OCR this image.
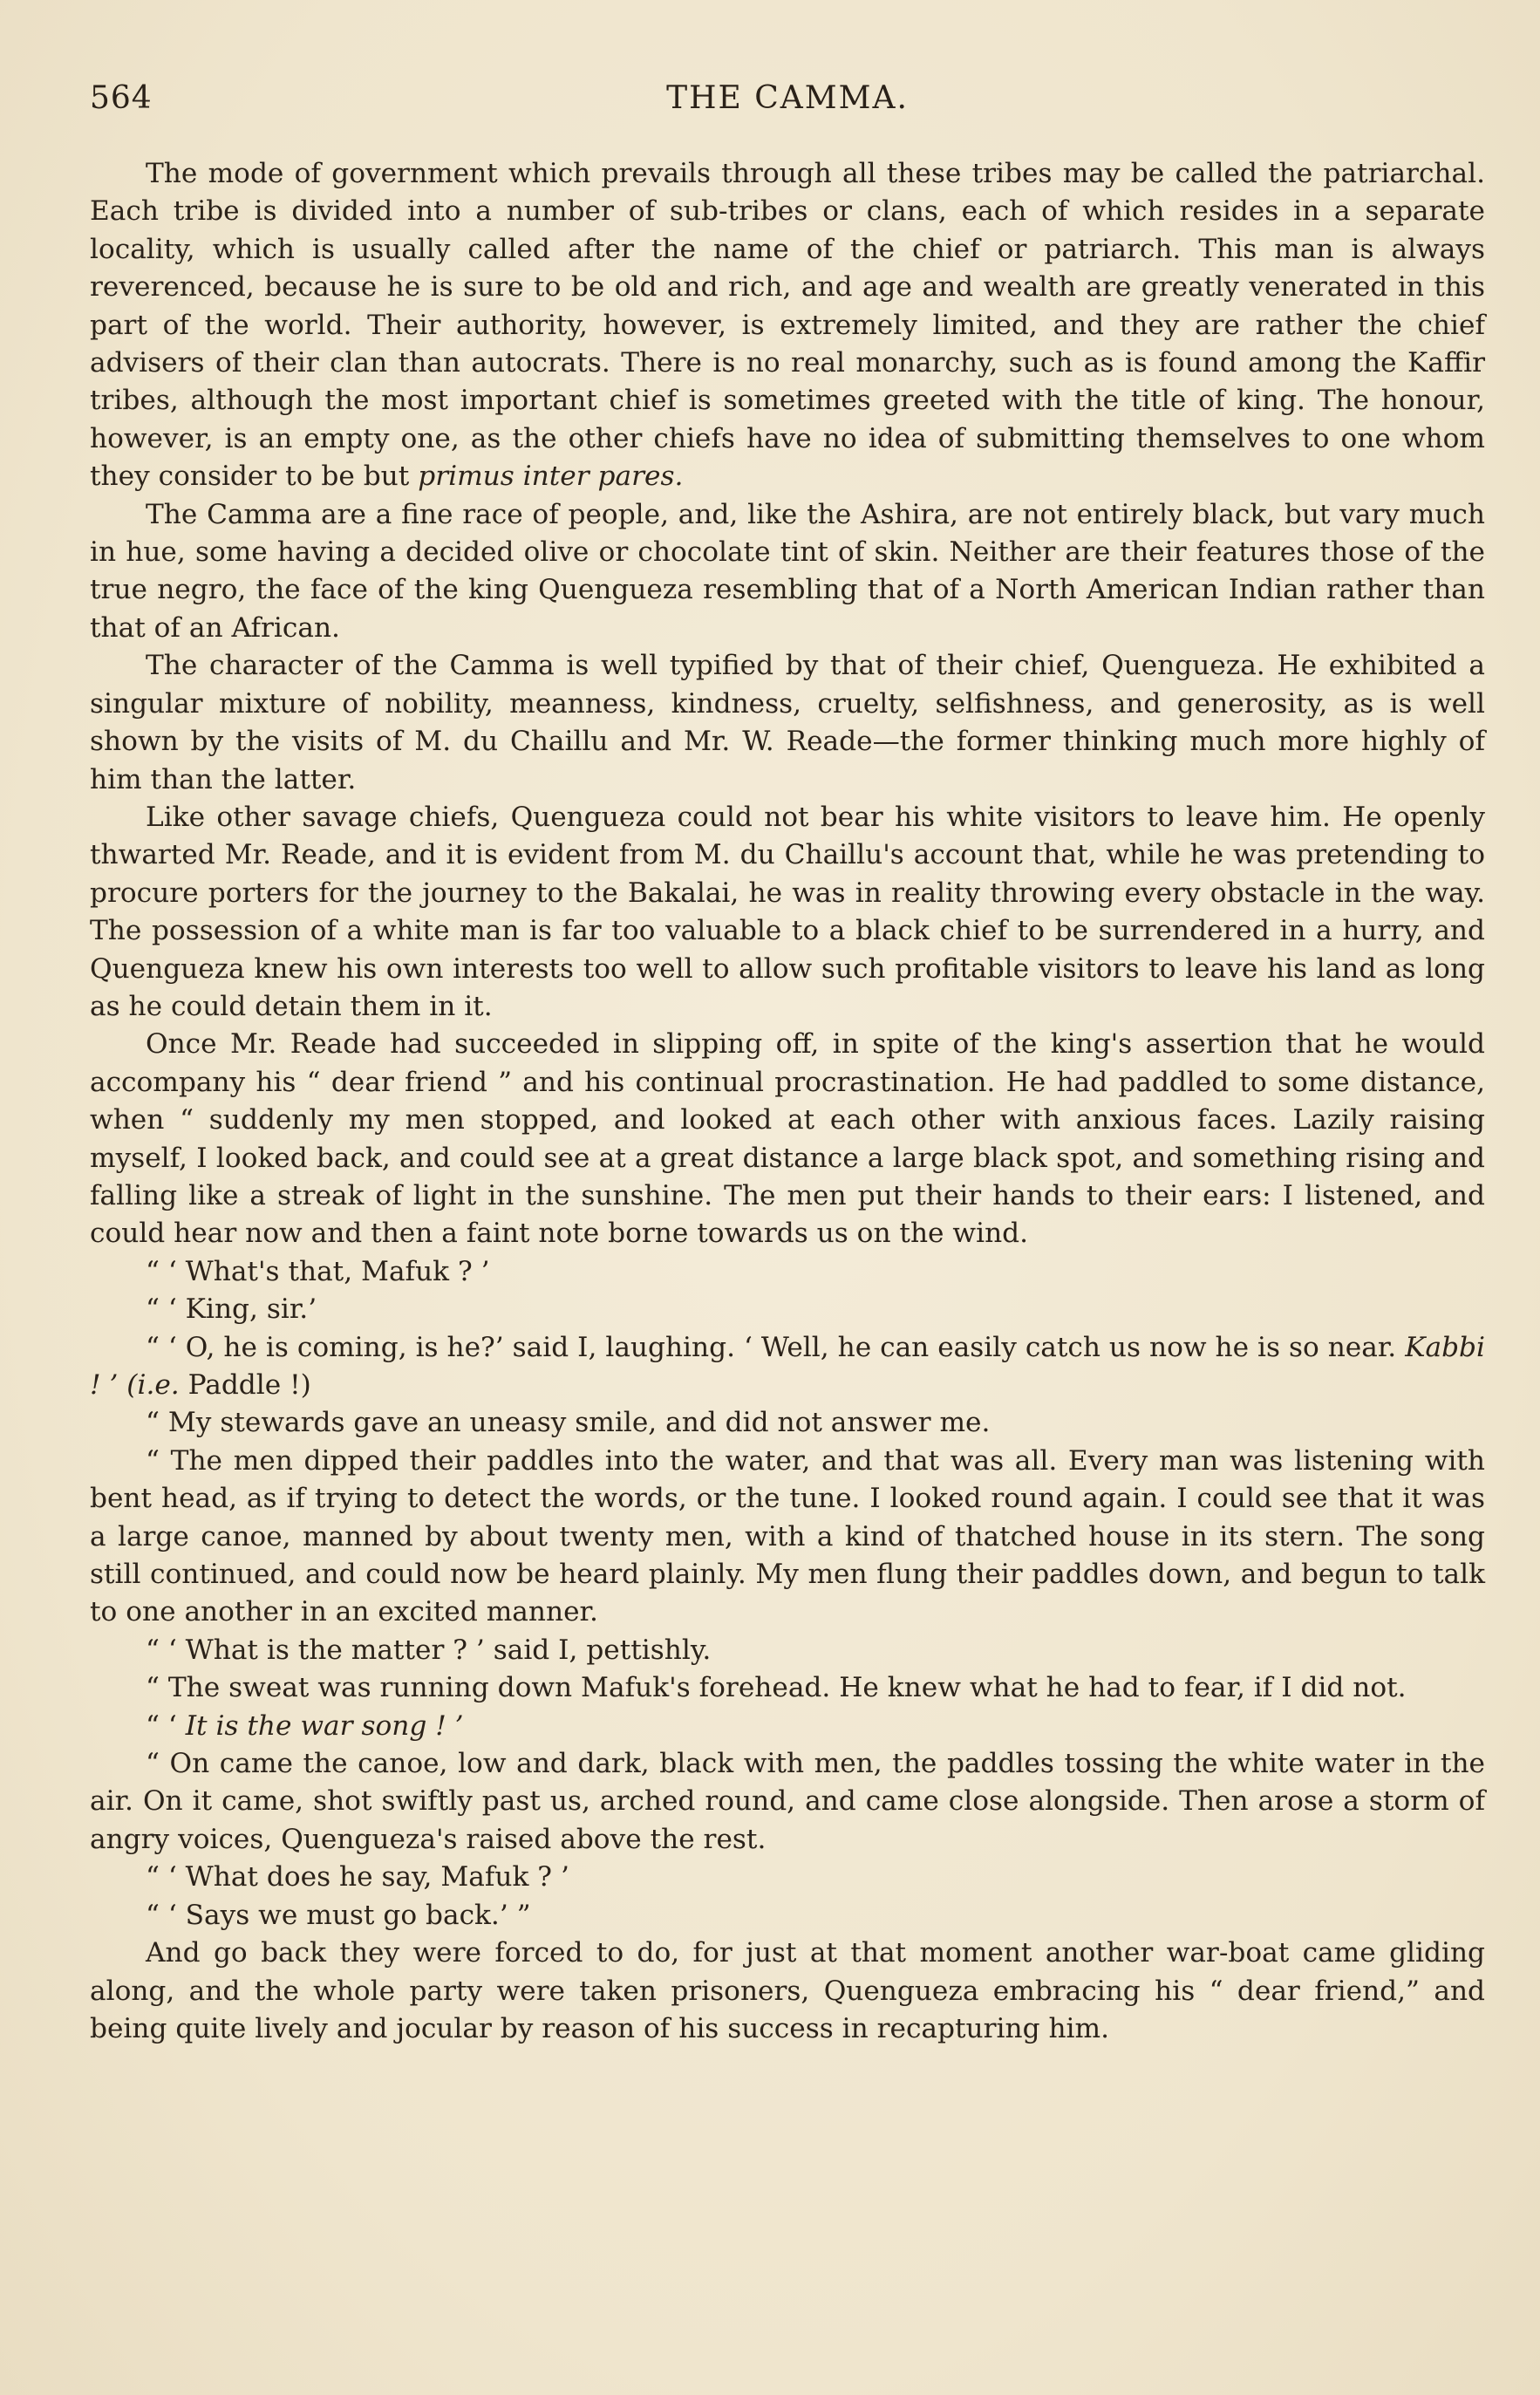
564	THE CAMMA.

The mode of government which prevails through all these tribes may be called the patriarchal. Each tribe is divided into a number of sub-tribes or clans, each of which resides in a separate locality, which is usually called after the name of the chief or patriarch. This man is always reverenced, because he is sure to be old and rich, and age and wealth are greatly venerated in this part of the world. Their authority, however, is extremely limited, and they are rather the chief advisers of their clan than autocrats. There is no real monarchy, such as is found among the Kaffir tribes, although the most important chief is sometimes greeted with the title of king. The honour, however, is an empty one, as the other chiefs have no idea of submitting themselves to one whom they consider to be but primus inter pares.

The Camma are a fine race of people, and, like the Ashira, are not entirely black, but vary much in hue, some having a decided olive or chocolate tint of skin. Neither are their features those of the true negro, the face of the king Quengueza resembling that of a North American Indian rather than that of an African.

The character of the Camma is well typified by that of their chief, Quengueza. He exhibited a singular mixture of nobility, meanness, kindness, cruelty, selfishness, and generosity, as is well shown by the visits of M. du Chaillu and Mr. W. Reade—the former thinking much more highly of him than the latter.

Like other savage chiefs, Quengueza could not bear his white visitors to leave him. He openly thwarted Mr. Reade, and it is evident from M. du Chaillu's account that, while he was pretending to procure porters for the journey to the Bakalai, he was in reality throwing every obstacle in the way. The possession of a white man is far too valuable to a black chief to be surrendered in a hurry, and Quengueza knew his own interests too well to allow such profitable visitors to leave his land as long as he could detain them in it.

Once Mr. Reade had succeeded in slipping off, in spite of the king's assertion that he would accompany his “ dear friend ” and his continual procrastination. He had paddled to some distance, when “ suddenly my men stopped, and looked at each other with anxious faces. Lazily raising myself, I looked back, and could see at a great distance a large black spot, and something rising and falling like a streak of light in the sunshine. The men put their hands to their ears: I listened, and could hear now and then a faint note borne towards us on the wind.

“ ‘ What's that, Mafuk ? ’

“ ‘ King, sir.’

“ ‘ O, he is coming, is he?’ said I, laughing. ‘ Well, he can easily catch us now he is so near. Kabbi ! ’ (i.e. Paddle !)

“ My stewards gave an uneasy smile, and did not answer me.

“ The men dipped their paddles into the water, and that was all. Every man was listening with bent head, as if trying to detect the words, or the tune. I looked round again. I could see that it was a large canoe, manned by about twenty men, with a kind of thatched house in its stern. The song still continued, and could now be heard plainly. My men flung their paddles down, and begun to talk to one another in an excited manner.

“ ‘ What is the matter ? ’ said I, pettishly.

“ The sweat was running down Mafuk's forehead. He knew what he had to fear, if I did not.

“ ‘ It is the war song ! ’

“ On came the canoe, low and dark, black with men, the paddles tossing the white water in the air. On it came, shot swiftly past us, arched round, and came close alongside. Then arose a storm of angry voices, Quengueza's raised above the rest.

“ ‘ What does he say, Mafuk ? ’

“ ‘ Says we must go back.’ ”

And go back they were forced to do, for just at that moment another war-boat came gliding along, and the whole party were taken prisoners, Quengueza embracing his “ dear friend,” and being quite lively and jocular by reason of his success in recapturing him.
